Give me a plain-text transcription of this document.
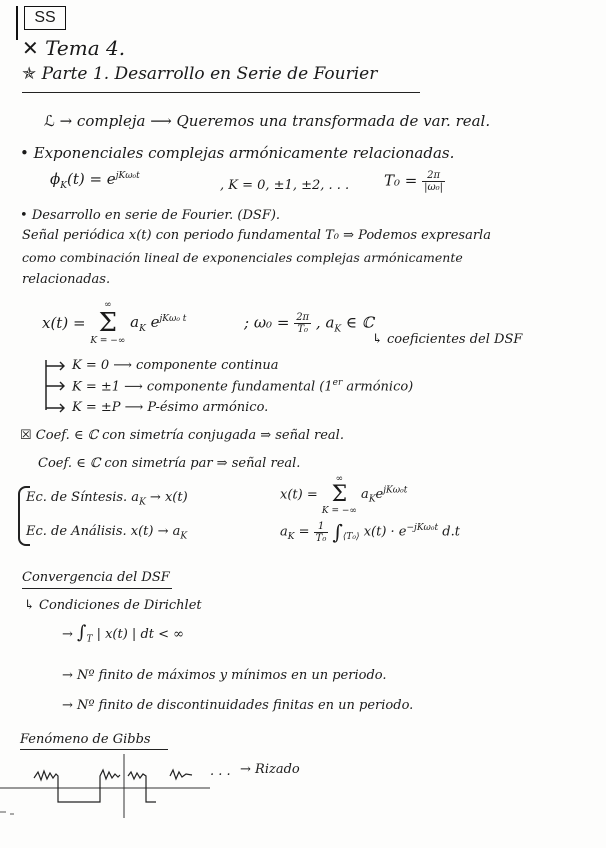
SS
✕ Tema 4.
✯ Parte 1. Desarrollo en Serie de Fourier
ℒ → compleja ⟶ Queremos una transformada de var. real.
• Exponenciales complejas armónicamente relacionadas.
$\phi_K(t) = e^{jK\omega_0t}$
, K = 0, ±1, ±2, . . . $T_0 = \frac{2\pi}{\text{|ω₀|}}$
• Desarrollo en serie de Fourier. (DSF).
Señal periódica x(t) con periodo fundamental T₀ ⇒ Podemos expresarla
como combinación lineal de exponenciales complejas armónicamente
relacionadas.
x(t) =
∞
Σ
K = −∞
$a_K$ $e^{jK\omega_0 t}$	; $\omega_0 = \frac{2\pi}{\text{T₀}}$ , $a_K$ ∈ ℂ
↳ coeficientes del DSF
K = 0 ⟶ componente continua
K = ±1 ⟶ componente fundamental (1er armónico)
K = ±P ⟶ P-ésimo armónico.
☒ Coef. ∈ ℂ con simetría conjugada ⇒ señal real.
Coef. ∈ ℂ con simetría par ⇒ señal real.
Ec. de Síntesis. $a_K \to x(t)$	x(t) =
∞
Σ
K = −∞
$a_Ke^{jK\omega_0t}$
Ec. de Análisis. $x(t) \to a_K$	$a_K = \frac{1}{\text{T₀}} \int_{⟨T_0⟩}$ $x(t) \cdot e^{-jK\omega_0t}$ d.t
Convergencia del DSF
↳ Condiciones de Dirichlet
→ $\int_T$ | x(t) | dt < ∞
→ Nº finito de máximos y mínimos en un periodo.
→ Nº finito de discontinuidades finitas en un periodo.
Fenómeno de Gibbs
. . . → Rizado
